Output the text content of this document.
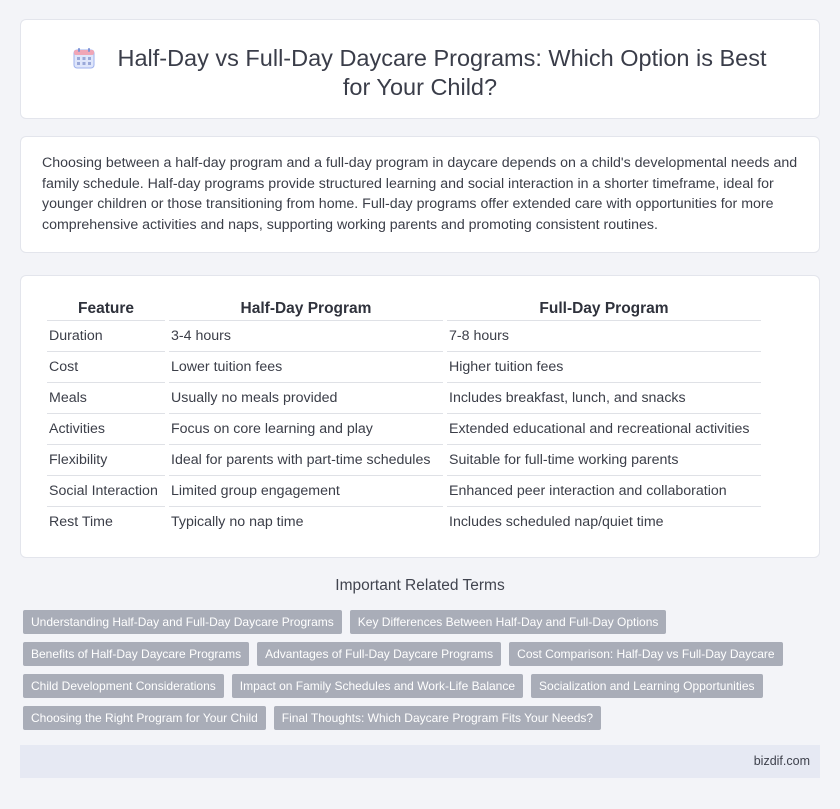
Half-Day vs Full-Day Daycare Programs: Which Option is Best for Your Child?

Choosing between a half-day program and a full-day program in daycare depends on a child's developmental needs and family schedule. Half-day programs provide structured learning and social interaction in a shorter timeframe, ideal for younger children or those transitioning from home. Full-day programs offer extended care with opportunities for more comprehensive activities and naps, supporting working parents and promoting consistent routines.

Feature	Half-Day Program	Full-Day Program
Duration	3-4 hours	7-8 hours
Cost	Lower tuition fees	Higher tuition fees
Meals	Usually no meals provided	Includes breakfast, lunch, and snacks
Activities	Focus on core learning and play	Extended educational and recreational activities
Flexibility	Ideal for parents with part-time schedules	Suitable for full-time working parents
Social Interaction	Limited group engagement	Enhanced peer interaction and collaboration
Rest Time	Typically no nap time	Includes scheduled nap/quiet time
Important Related Terms
Understanding Half-Day and Full-Day Daycare Programs	Key Differences Between Half-Day and Full-Day Options
Benefits of Half-Day Daycare Programs	Advantages of Full-Day Daycare Programs	Cost Comparison: Half-Day vs Full-Day Daycare
Child Development Considerations	Impact on Family Schedules and Work-Life Balance	Socialization and Learning Opportunities
Choosing the Right Program for Your Child	Final Thoughts: Which Daycare Program Fits Your Needs?
bizdif.com
